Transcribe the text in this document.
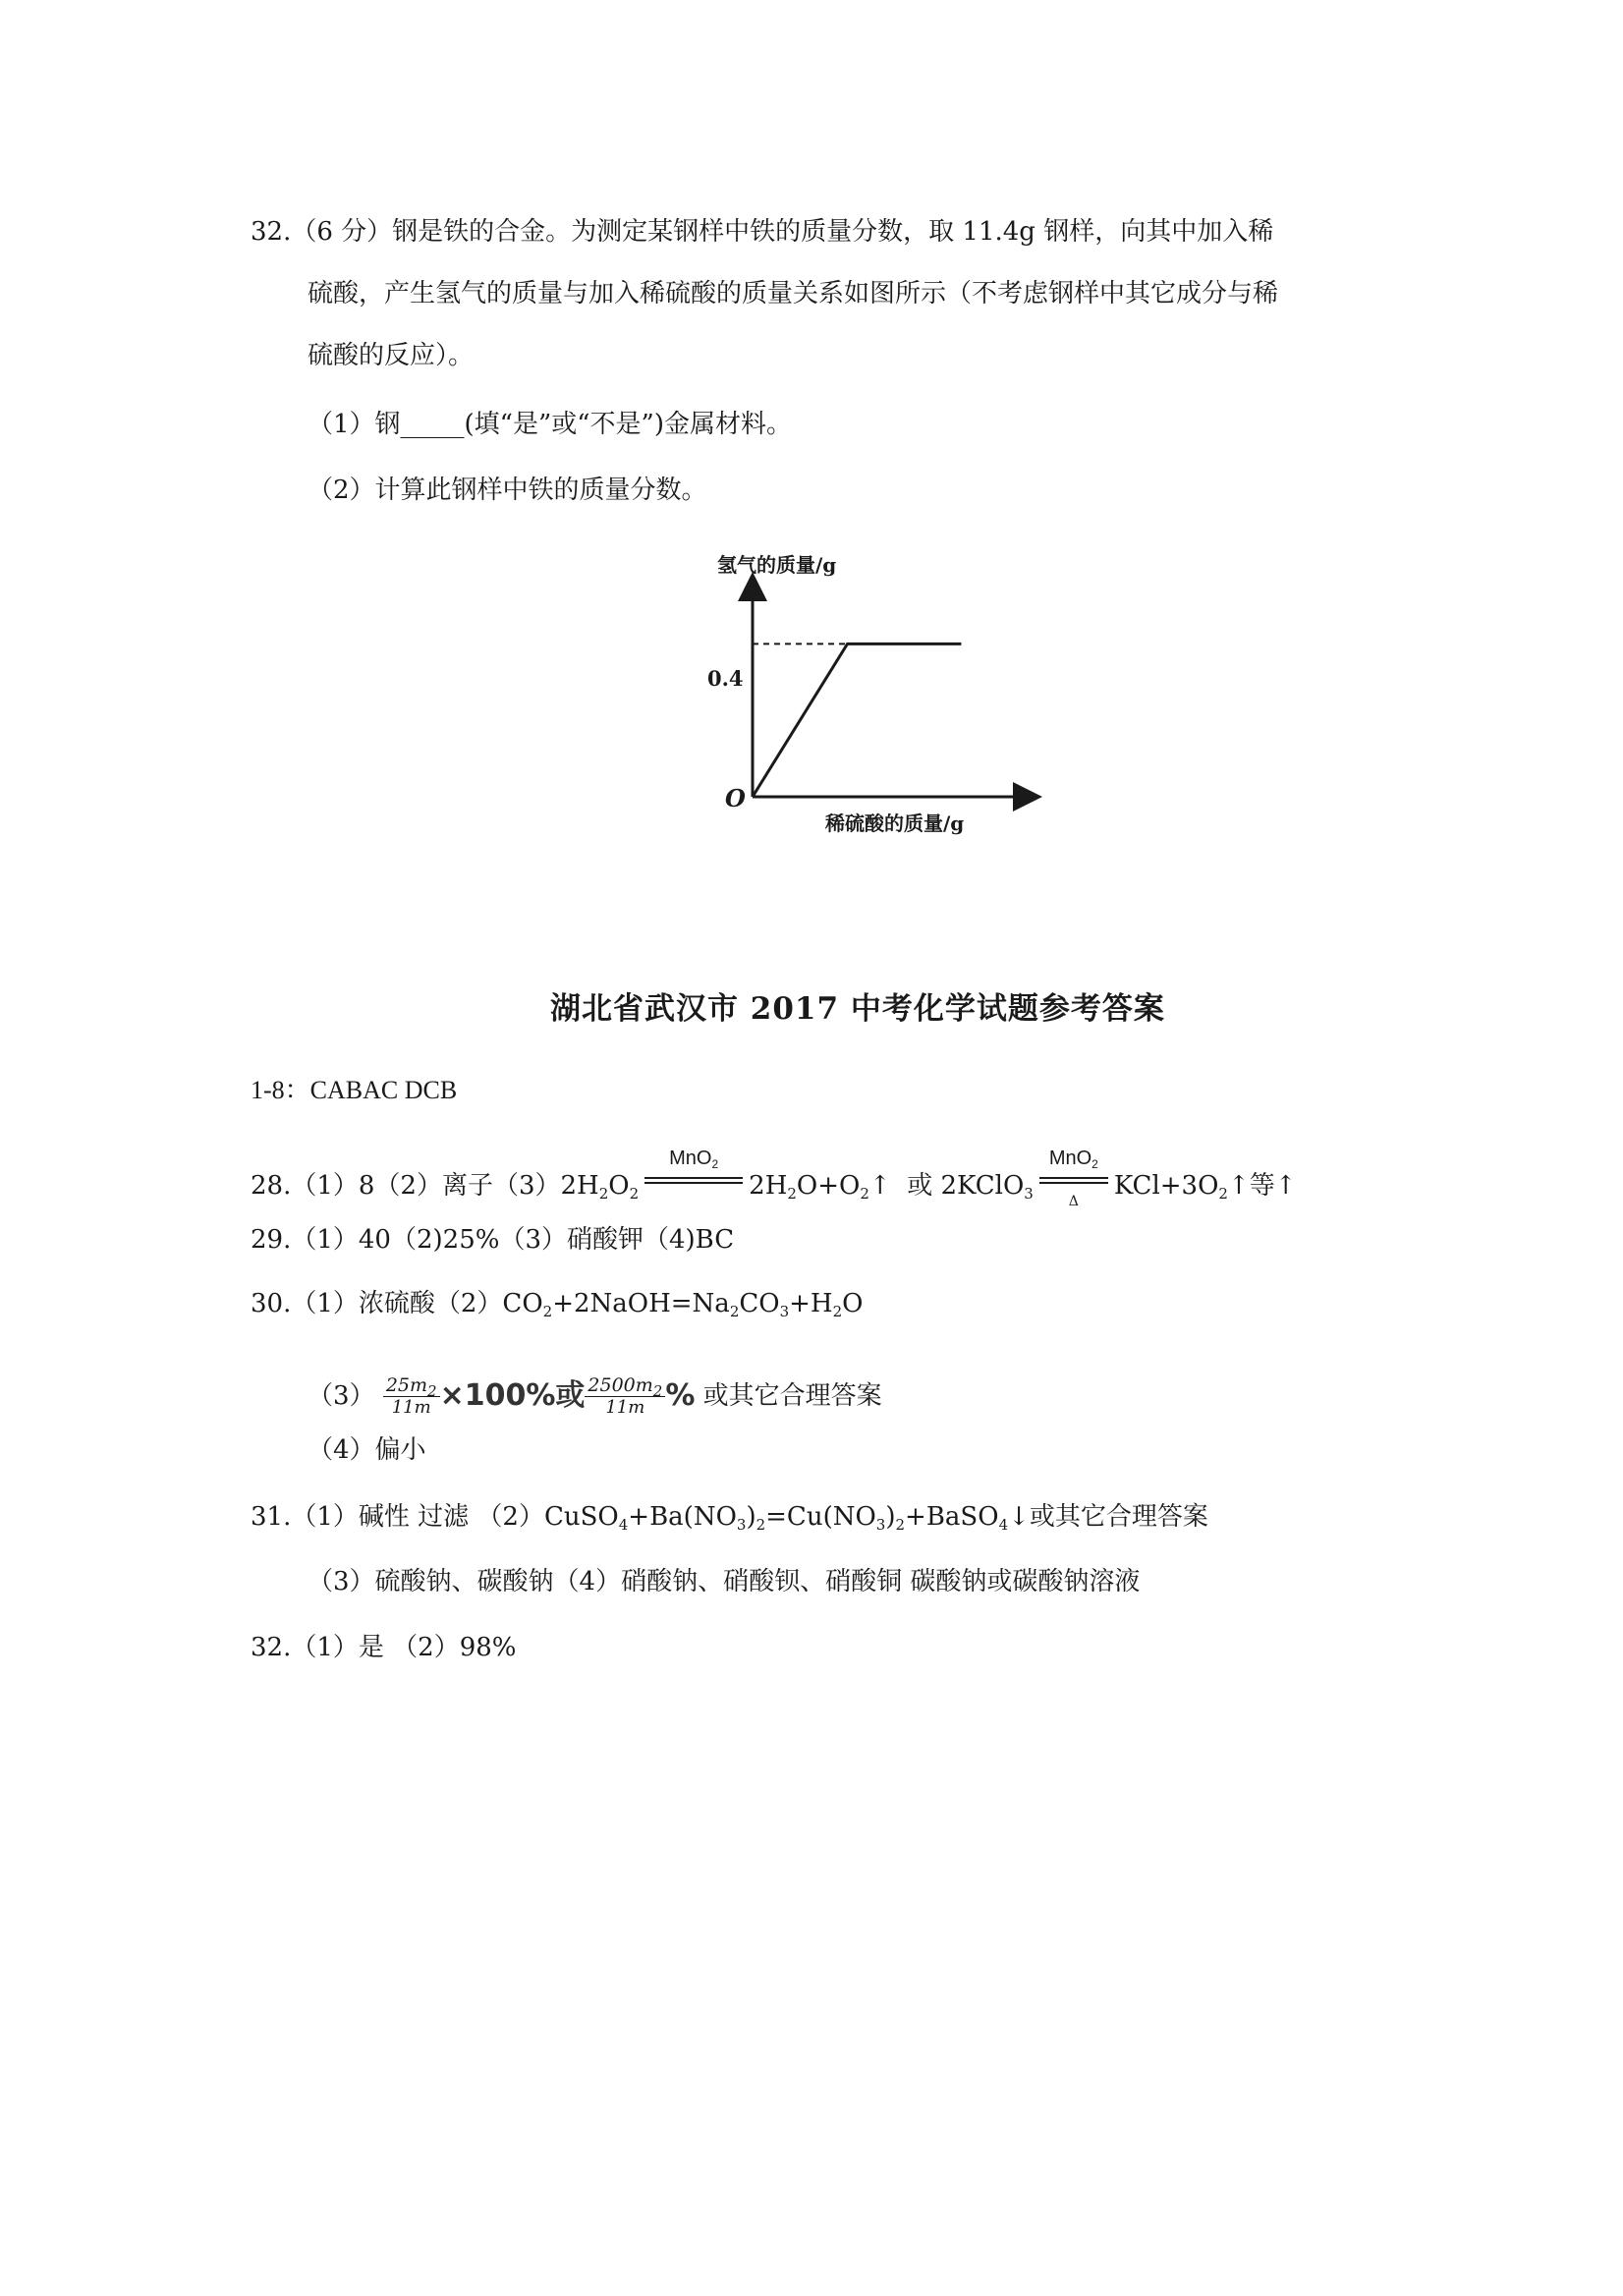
32.（6 分）钢是铁的合金。为测定某钢样中铁的质量分数，取 11.4g 钢样，向其中加入稀
硫酸，产生氢气的质量与加入稀硫酸的质量关系如图所示（不考虑钢样中其它成分与稀
硫酸的反应）。
（1）钢_____(填“是”或“不是”)金属材料。
（2）计算此钢样中铁的质量分数。
氢气的质量/g
稀硫酸的质量/g
O
0.4
湖北省武汉市 2017 中考化学试题参考答案
1-8：CABAC DCB
28.（1）8（2）离子$(3)2H_2O_2$
MnO$_2$
$2H_2O+O_2↑$  或 2KClO$_3$
MnO$_2$
Δ
$KCl+3O_2↑$等↑
29.（1）40（2)25%（3）硝酸钾（4)BC
30.（1）浓硫酸$(2)CO_2+2NaOH=Na_2CO_3+H_2O$
$(3) \frac{25m_2}{11m} \times 100\%$或 $\frac{2500m_2}{11m}$ % 或其它合理答案
（4）偏小
31.（1）碱性 过滤 $(2)CuSO_4+Ba(NO_3)_2=Cu(NO_3)_2+BaSO_4↓$或其它合理答案
（3）硫酸钠、碳酸钠（4）硝酸钠、硝酸钡、硝酸铜 碳酸钠或碳酸钠溶液
32.（1）是 （2）98%
